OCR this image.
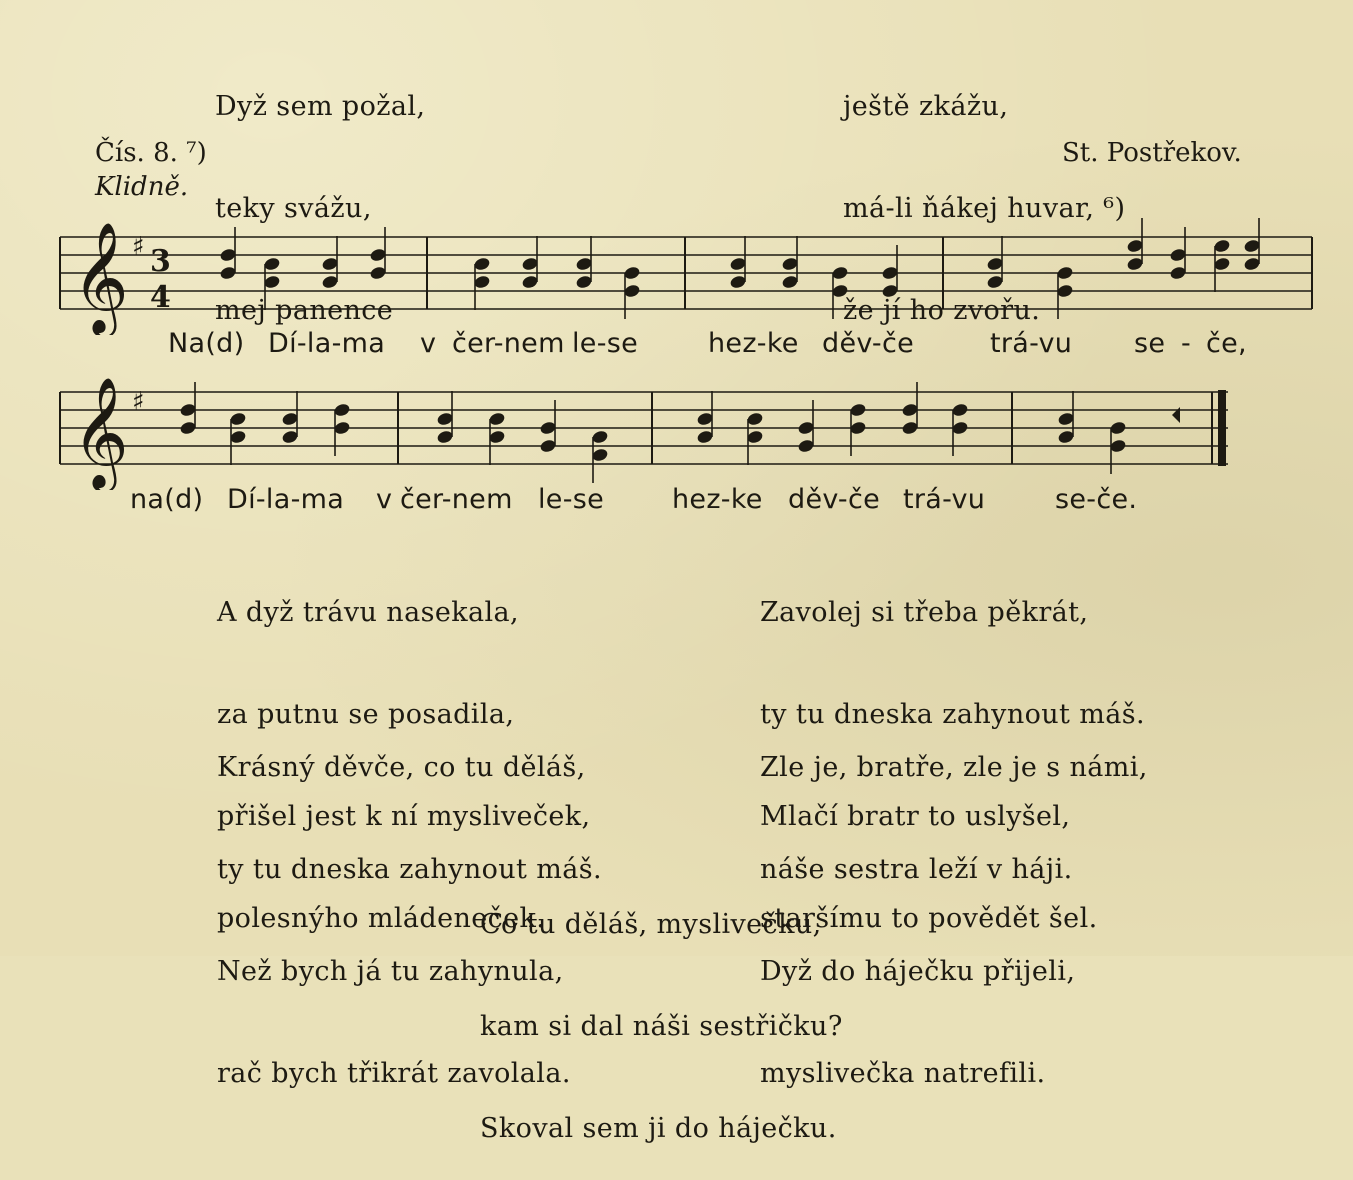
Dyž sem požal,

teky svážu,

mej panence

ještě zkážu,

má-li ňákej huvar, ⁶)

že jí ho zvořu.

Čís. 8. ⁷)	St. Postřekov.
Klidně.
𝄞 ♯ 3
4
Na(d) Dí-la-ma v čer-nem le-se	hez-ke děv-če	trá-vu se - če,
𝄞 ♯
na(d) Dí-la-ma v čer-nem le-se	hez-ke děv-če trá-vu	se-če.

A dyž trávu nasekala,

za putnu se posadila,

přišel jest k ní mysliveček,

polesnýho mládeneček.

Zavolej si třeba pěkrát,

ty tu dneska zahynout máš.

Mlačí bratr to uslyšel,

staršímu to povědět šel.

Krásný děvče, co tu děláš,

ty tu dneska zahynout máš.

Než bych já tu zahynula,

rač bych třikrát zavolala.

Zle je, bratře, zle je s námi,

náše sestra leží v háji.

Dyž do háječku přijeli,

myslivečka natrefili.

Co tu děláš, myslivečku,

kam si dal náši sestřičku?

Skoval sem ji do háječku.
